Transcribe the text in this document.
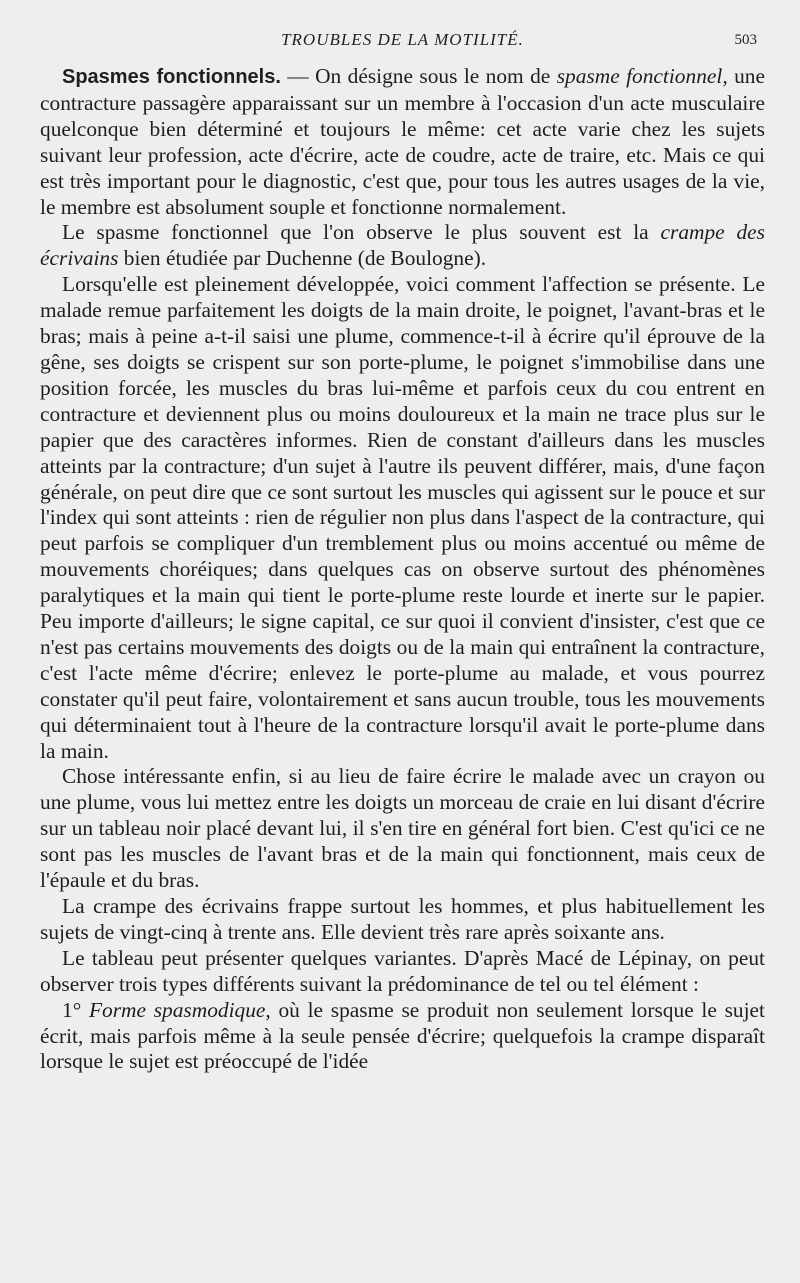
TROUBLES DE LA MOTILITÉ.	503

Spasmes fonctionnels. — On désigne sous le nom de spasme fonctionnel, une contracture passagère apparaissant sur un membre à l'occasion d'un acte musculaire quelconque bien déterminé et toujours le même: cet acte varie chez les sujets suivant leur profession, acte d'écrire, acte de coudre, acte de traire, etc. Mais ce qui est très important pour le diagnostic, c'est que, pour tous les autres usages de la vie, le membre est absolument souple et fonctionne normalement.

Le spasme fonctionnel que l'on observe le plus souvent est la crampe des écrivains bien étudiée par Duchenne (de Boulogne).

Lorsqu'elle est pleinement développée, voici comment l'affection se présente. Le malade remue parfaitement les doigts de la main droite, le poignet, l'avant-bras et le bras; mais à peine a-t-il saisi une plume, commence-t-il à écrire qu'il éprouve de la gêne, ses doigts se crispent sur son porte-plume, le poignet s'immobilise dans une position forcée, les muscles du bras lui-même et parfois ceux du cou entrent en contracture et deviennent plus ou moins douloureux et la main ne trace plus sur le papier que des caractères informes. Rien de constant d'ailleurs dans les muscles atteints par la contracture; d'un sujet à l'autre ils peuvent différer, mais, d'une façon générale, on peut dire que ce sont surtout les muscles qui agissent sur le pouce et sur l'index qui sont atteints : rien de régulier non plus dans l'aspect de la contracture, qui peut parfois se compliquer d'un tremblement plus ou moins accentué ou même de mouvements choréiques; dans quelques cas on observe surtout des phénomènes paralytiques et la main qui tient le porte-plume reste lourde et inerte sur le papier. Peu importe d'ailleurs; le signe capital, ce sur quoi il convient d'insister, c'est que ce n'est pas certains mouvements des doigts ou de la main qui entraînent la contracture, c'est l'acte même d'écrire; enlevez le porte-plume au malade, et vous pourrez constater qu'il peut faire, volontairement et sans aucun trouble, tous les mouvements qui déterminaient tout à l'heure de la contracture lorsqu'il avait le porte-plume dans la main.

Chose intéressante enfin, si au lieu de faire écrire le malade avec un crayon ou une plume, vous lui mettez entre les doigts un morceau de craie en lui disant d'écrire sur un tableau noir placé devant lui, il s'en tire en général fort bien. C'est qu'ici ce ne sont pas les muscles de l'avant bras et de la main qui fonctionnent, mais ceux de l'épaule et du bras.

La crampe des écrivains frappe surtout les hommes, et plus habituellement les sujets de vingt-cinq à trente ans. Elle devient très rare après soixante ans.

Le tableau peut présenter quelques variantes. D'après Macé de Lépinay, on peut observer trois types différents suivant la prédominance de tel ou tel élément :

1° Forme spasmodique, où le spasme se produit non seulement lorsque le sujet écrit, mais parfois même à la seule pensée d'écrire; quelquefois la crampe disparaît lorsque le sujet est préoccupé de l'idée
